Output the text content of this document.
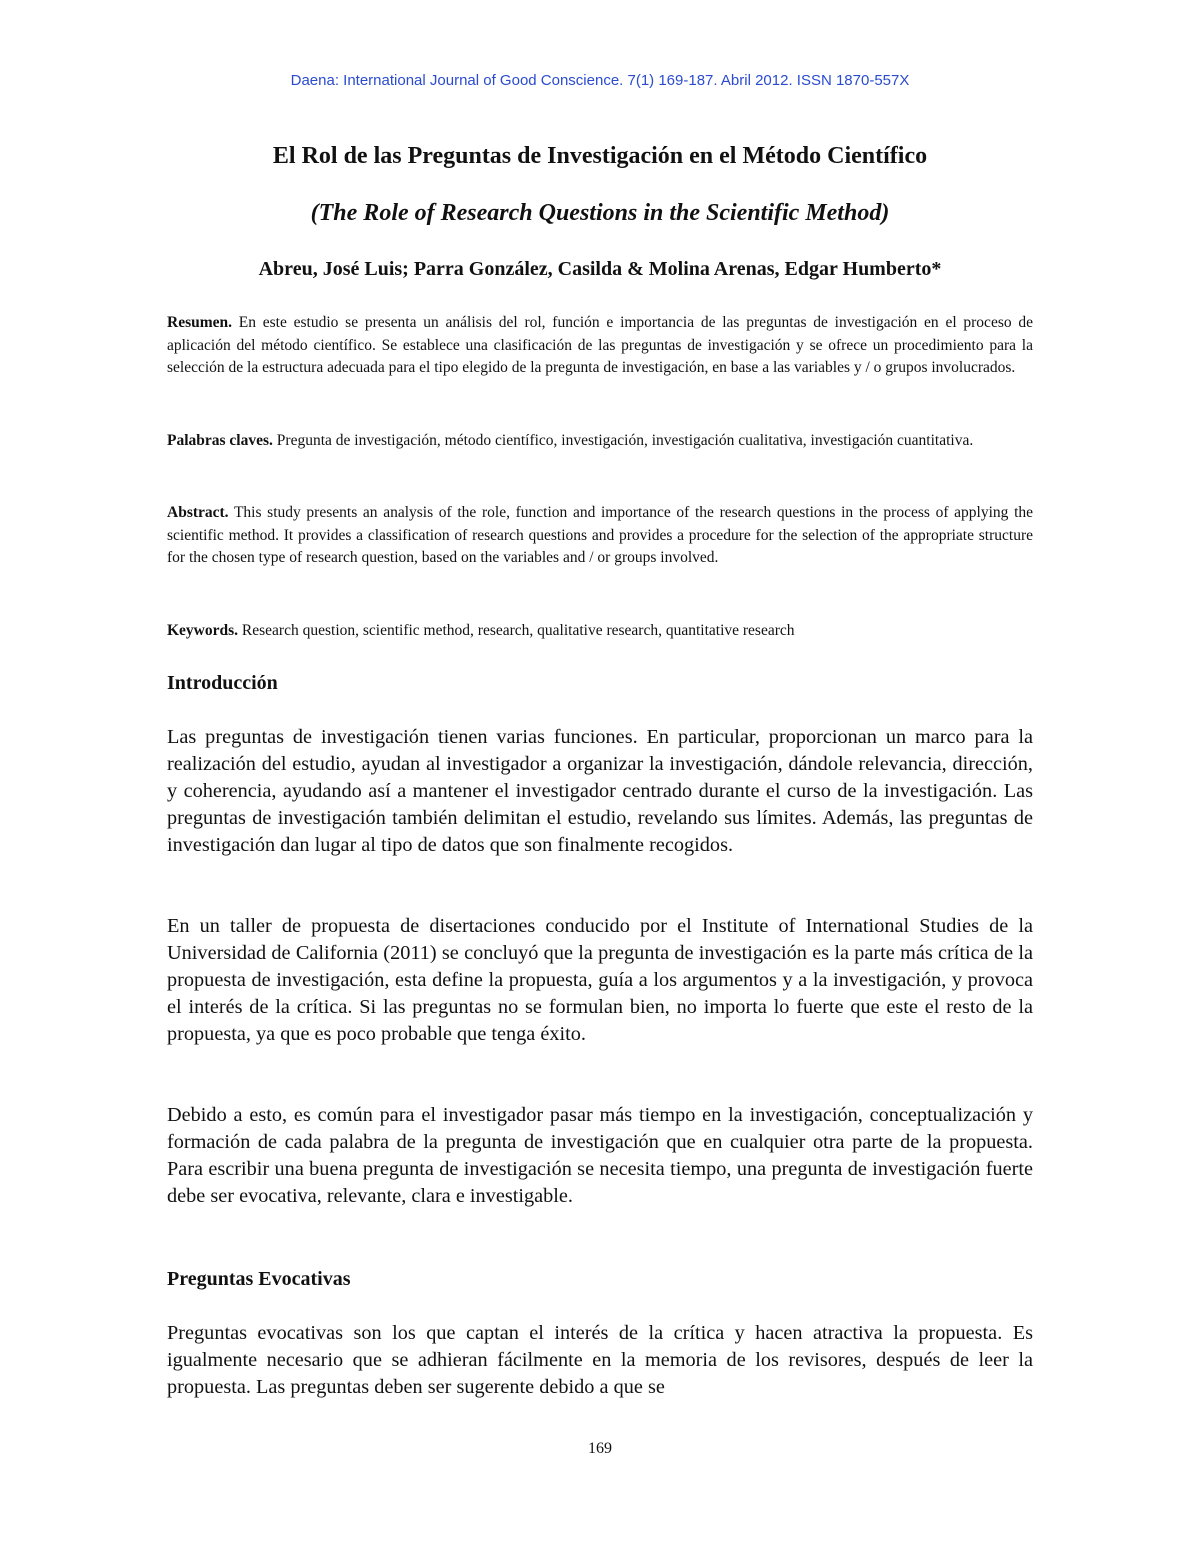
Daena: International Journal of Good Conscience. 7(1) 169-187. Abril 2012. ISSN 1870-557X
El Rol de las Preguntas de Investigación en el Método Científico
(The Role of Research Questions in the Scientific Method)
Abreu, José Luis; Parra González, Casilda & Molina Arenas, Edgar Humberto*

Resumen. En este estudio se presenta un análisis del rol, función e importancia de las preguntas de investigación en el proceso de aplicación del método científico. Se establece una clasificación de las preguntas de investigación y se ofrece un procedimiento para la selección de la estructura adecuada para el tipo elegido de la pregunta de investigación, en base a las variables y / o grupos involucrados.

Palabras claves. Pregunta de investigación, método científico, investigación, investigación cualitativa, investigación cuantitativa.

Abstract. This study presents an analysis of the role, function and importance of the research questions in the process of applying the scientific method. It provides a classification of research questions and provides a procedure for the selection of the appropriate structure for the chosen type of research question, based on the variables and / or groups involved.

Keywords. Research question, scientific method, research, qualitative research, quantitative research

Introducción

Las preguntas de investigación tienen varias funciones. En particular, proporcionan un marco para la realización del estudio, ayudan al investigador a organizar la investigación, dándole relevancia, dirección, y coherencia, ayudando así a mantener el investigador centrado durante el curso de la investigación. Las preguntas de investigación también delimitan el estudio, revelando sus límites. Además, las preguntas de investigación dan lugar al tipo de datos que son finalmente recogidos.

En un taller de propuesta de disertaciones conducido por el Institute of International Studies de la Universidad de California (2011) se concluyó que la pregunta de investigación es la parte más crítica de la propuesta de investigación, esta define la propuesta, guía a los argumentos y a la investigación, y provoca el interés de la crítica. Si las preguntas no se formulan bien, no importa lo fuerte que este el resto de la propuesta, ya que es poco probable que tenga éxito.

Debido a esto, es común para el investigador pasar más tiempo en la investigación, conceptualización y formación de cada palabra de la pregunta de investigación que en cualquier otra parte de la propuesta. Para escribir una buena pregunta de investigación se necesita tiempo, una pregunta de investigación fuerte debe ser evocativa, relevante, clara e investigable.

Preguntas Evocativas

Preguntas evocativas son los que captan el interés de la crítica y hacen atractiva la propuesta. Es igualmente necesario que se adhieran fácilmente en la memoria de los revisores, después de leer la propuesta. Las preguntas deben ser sugerente debido a que se

169
